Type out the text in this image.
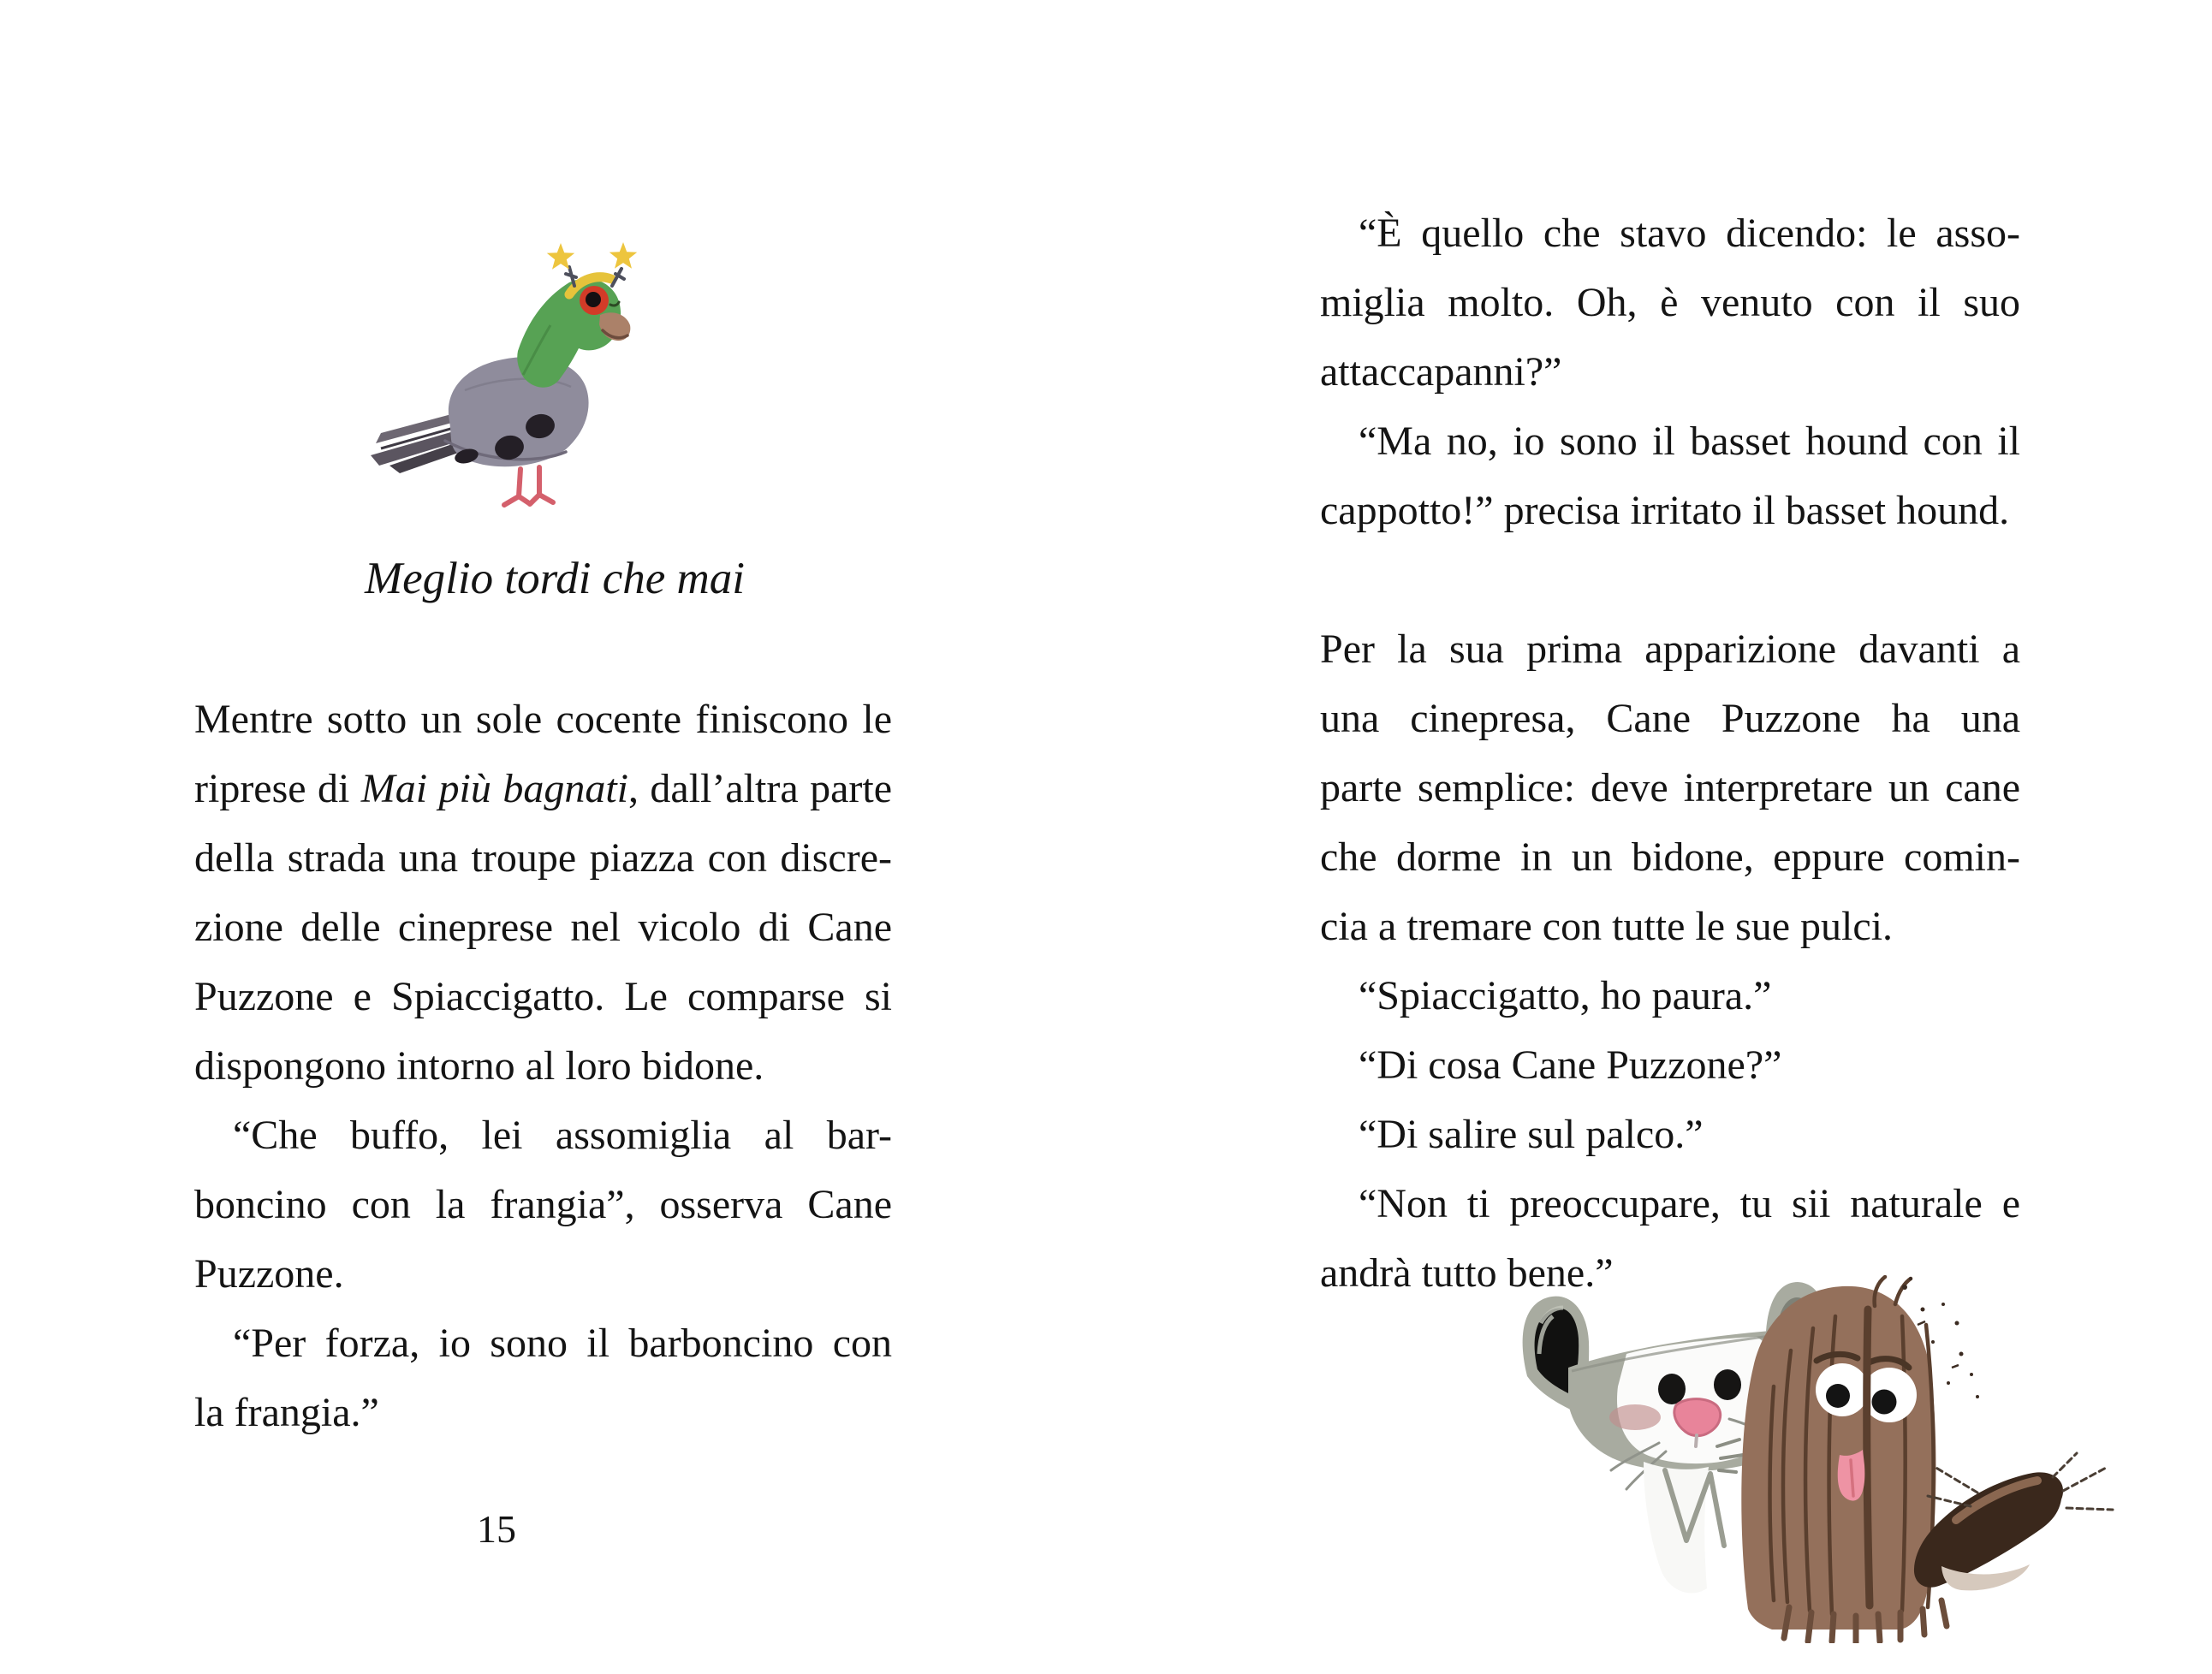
Meglio tordi che mai
Mentre sotto un sole cocente finiscono le
riprese di Mai più bagnati, dall’altra parte
della strada una troupe piazza con discre-
zione delle cineprese nel vicolo di Cane
Puzzone e Spiaccigatto. Le comparse si
dispongono intorno al loro bidone.
“Che buffo, lei assomiglia al bar-
boncino con la frangia”, osserva Cane
Puzzone.
“Per forza, io sono il barboncino con
la frangia.”
15
“È quello che stavo dicendo: le asso-
miglia molto. Oh, è venuto con il suo
attaccapanni?”
“Ma no, io sono il basset hound con il
cappotto!” precisa irritato il basset hound.
Per la sua prima apparizione davanti a
una cinepresa, Cane Puzzone ha una
parte semplice: deve interpretare un cane
che dorme in un bidone, eppure comin-
cia a tremare con tutte le sue pulci.
“Spiaccigatto, ho paura.”
“Di cosa Cane Puzzone?”
“Di salire sul palco.”
“Non ti preoccupare, tu sii naturale e
andrà tutto bene.”
